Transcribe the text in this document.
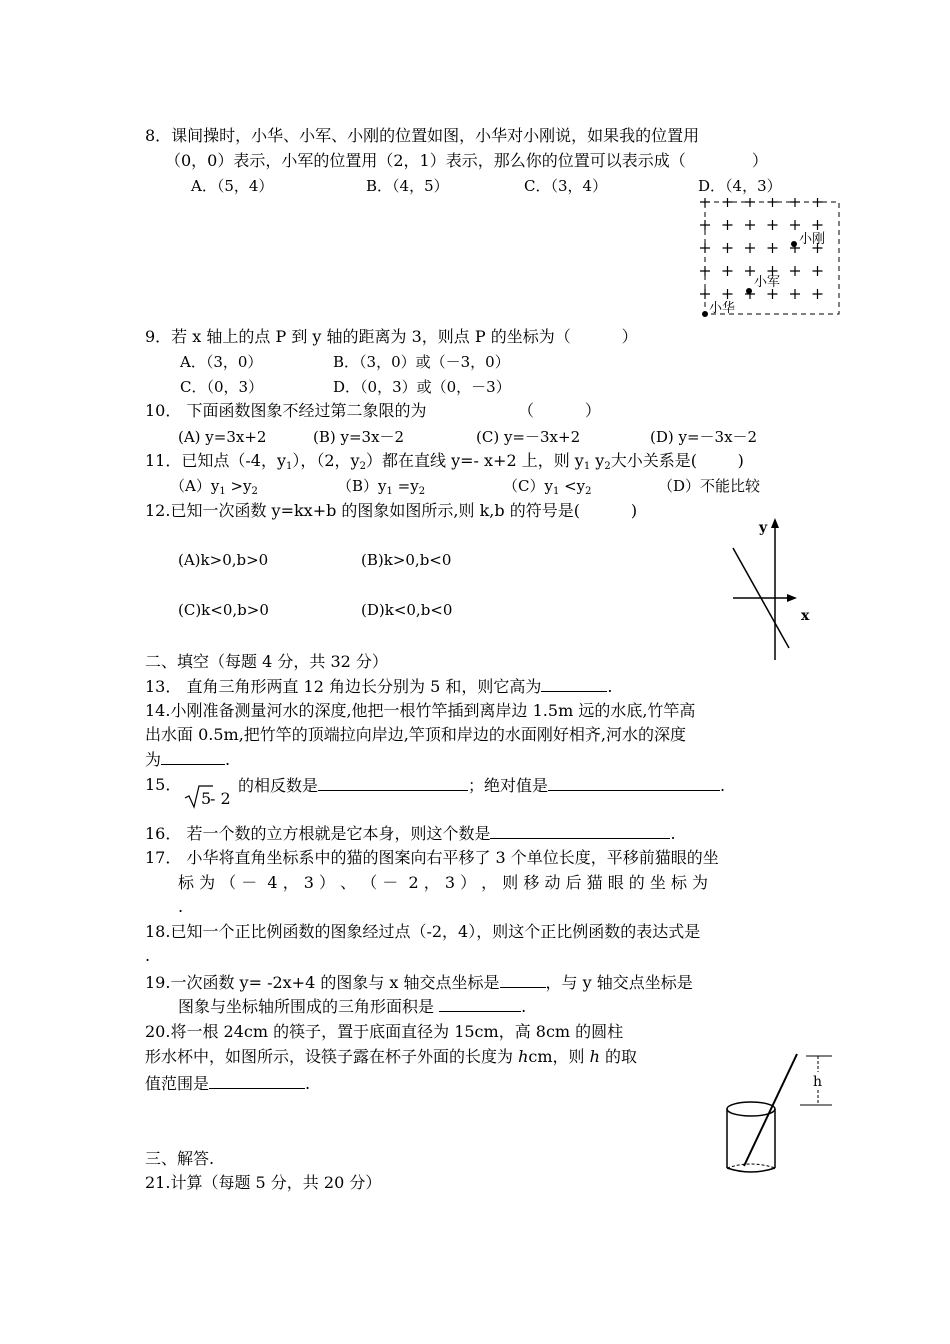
8．课间操时，小华、小军、小刚的位置如图，小华对小刚说，如果我的位置用
（0，0）表示，小军的位置用（2，1）表示，那么你的位置可以表示成（             ）
A．（5，4）	B．（4，5）	C．（3，4）	D．（4，3）
小刚
小军
小华
9．若 x 轴上的点 P 到 y 轴的距离为 3，则点 P 的坐标为（          ）
A．（3，0）	B．（3，0）或（－3，0）
C．（0，3）	D．（0，3）或（0，－3）
10． 下面函数图象不经过第二象限的为                  （          ）
(A) y=3x+2	(B) y=3x－2	(C) y=－3x+2	(D) y=－3x－2
11．已知点（-4，$y_1$），（2，$y_2$）都在直线 y=- x+2 上，则 $y_1$ $y_2$大小关系是(        )
$(A)y_1 >y_2$	$(B)y_1 =y_2$	$(C)y_1 <y_2$	（D）不能比较
12.已知一次函数 y=kx+b 的图象如图所示,则 k,b 的符号是(          )
(A)k>0,b>0	(B)k>0,b<0
(C)k<0,b>0	(D)k<0,b<0
y
x
二、填空（每题 4 分，共 32 分）
13． 直角三角形两直 12 角边长分别为 5 和，则它高为	.
14.小刚准备测量河水的深度,他把一根竹竿插到离岸边 1.5m 远的水底,竹竿高
出水面 0.5m,把竹竿的顶端拉向岸边,竿顶和岸边的水面刚好相齐,河水的深度
为	.
15．
5
- 2
的相反数是	；绝对值是	.
16． 若一个数的立方根就是它本身，则这个数是	.
17． 小华将直角坐标系中的猫的图案向右平移了 3 个单位长度，平移前猫眼的坐
标 为 （ －  4 ， 3 ） 、 （ －  2 ， 3 ） ， 则 移 动 后 猫 眼 的 坐 标 为
.
18.已知一个正比例函数的图象经过点（-2，4），则这个正比例函数的表达式是
.
19.一次函数 y= -2x+4 的图象与 x 轴交点坐标是	，与 y 轴交点坐标是
图象与坐标轴所围成的三角形面积是	.
20.将一根 24cm 的筷子，置于底面直径为 15cm，高 8cm 的圆柱
形水杯中，如图所示，设筷子露在杯子外面的长度为 hcm，则 h 的取
值范围是	.	h
三、解答.
21.计算（每题 5 分，共 20 分）
